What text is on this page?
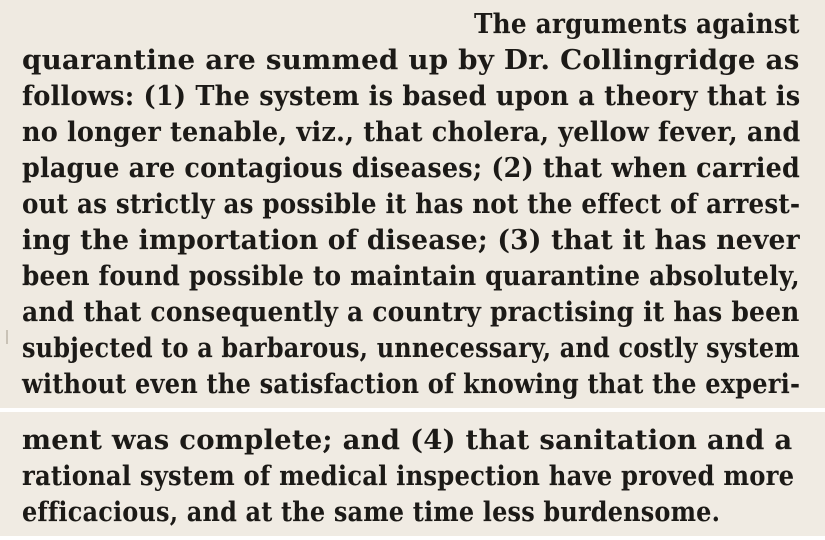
The arguments against
quarantine are summed up by Dr. Collingridge as
follows: (1) The system is based upon a theory that is
no longer tenable, viz., that cholera, yellow fever, and
plague are contagious diseases; (2) that when carried
out as strictly as possible it has not the effect of arrest-
ing the importation of disease; (3) that it has never
been found possible to maintain quarantine absolutely,
and that consequently a country practising it has been
subjected to a barbarous, unnecessary, and costly system
without even the satisfaction of knowing that the experi-
ment was complete; and (4) that sanitation and a
rational system of medical inspection have proved more
efficacious, and at the same time less burdensome.
